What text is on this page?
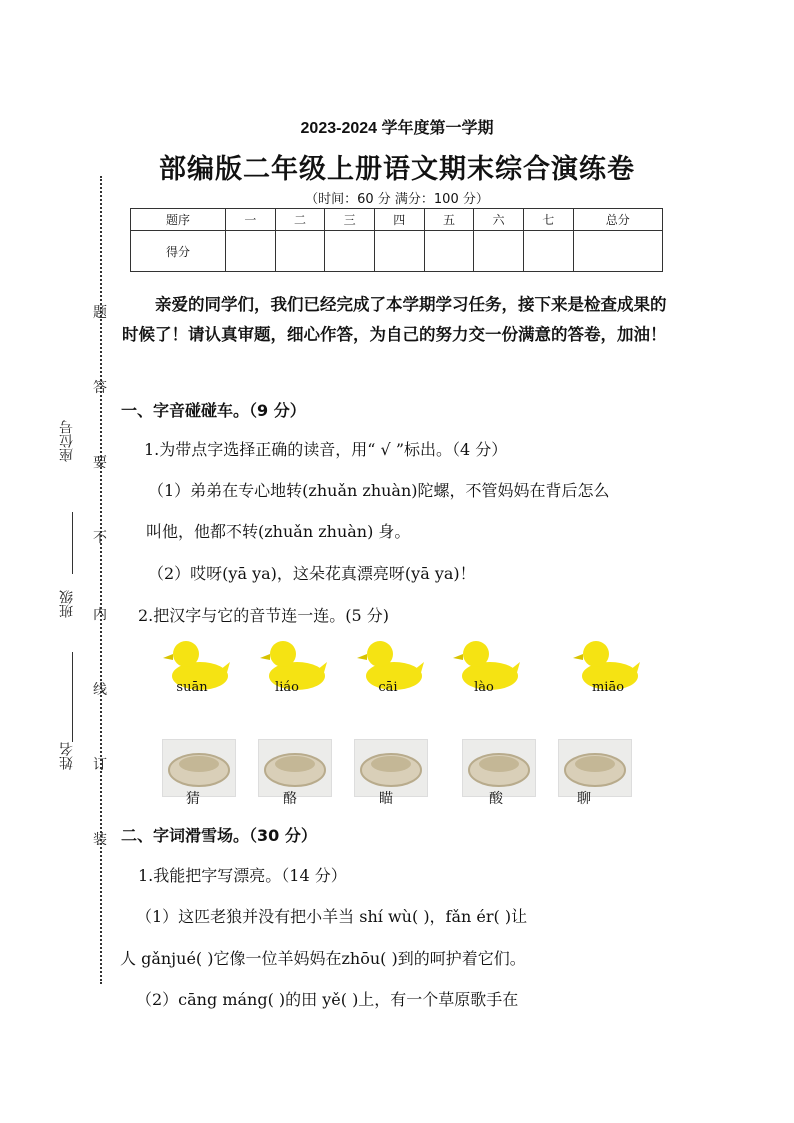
题
答
要
不
内
线
订
装
座位号
班级
姓名
2023-2024 学年度第一学期
部编版二年级上册语文期末综合演练卷
（时间：60 分 满分：100 分）
题序	一	二	三	四	五	六	七	总分
得分								
亲爱的同学们，我们已经完成了本学期学习任务，接下来是检查成果的时候了！请认真审题，细心作答，为自己的努力交一份满意的答卷，加油！
一、字音碰碰车。（9 分）
1.为带点字选择正确的读音，用“ √ ”标出。（4 分）
（1）弟弟在专心地转(zhuǎn zhuàn)陀螺，不管妈妈在背后怎么
叫他，他都不转(zhuǎn zhuàn) 身。
（2）哎呀(yā ya)，这朵花真漂亮呀(yā ya)！
2.把汉字与它的音节连一连。(5 分)
suān	liáo	cāi	lào	miāo
猜	酪	瞄	酸	聊
二、字词滑雪场。（30 分）
1.我能把字写漂亮。（14 分）
（1）这匹老狼并没有把小羊当 shí wù( )，fǎn ér( )让
人 gǎnjué( )它像一位羊妈妈在zhōu( )到的呵护着它们。
（2）cāng máng( )的田 yě( )上，有一个草原歌手在
